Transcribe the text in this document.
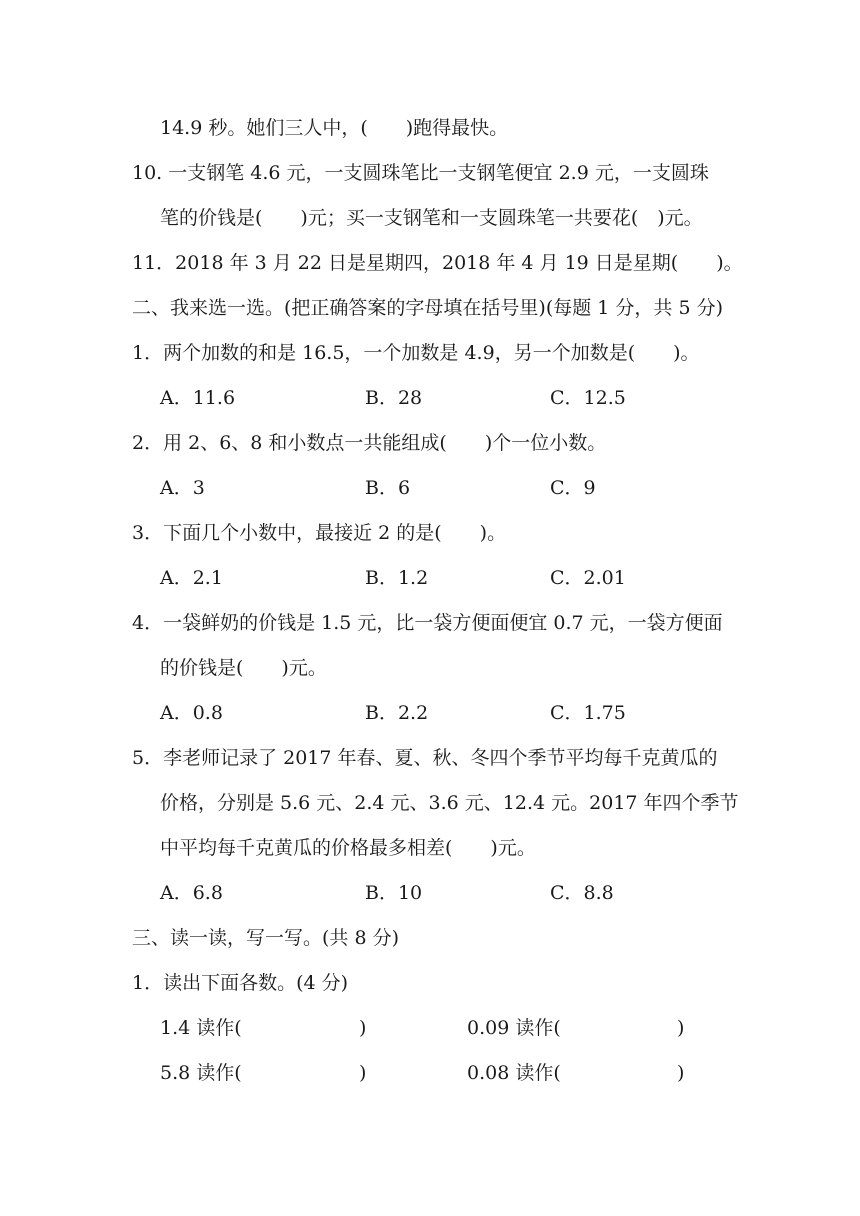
14.9 秒。她们三人中，(　　)跑得最快。
10. 一支钢笔 4.6 元，一支圆珠笔比一支钢笔便宜 2.9 元，一支圆珠
笔的价钱是(　　)元；买一支钢笔和一支圆珠笔一共要花(　)元。
11．2018 年 3 月 22 日是星期四，2018 年 4 月 19 日是星期(　　)。
二、我来选一选。(把正确答案的字母填在括号里)(每题 1 分，共 5 分)
1．两个加数的和是 16.5，一个加数是 4.9，另一个加数是(　　)。
A．11.6	B．28	C．12.5
2．用 2、6、8 和小数点一共能组成(　　)个一位小数。
A．3	B．6	C．9
3．下面几个小数中，最接近 2 的是(　　)。
A．2.1	B．1.2	C．2.01
4．一袋鲜奶的价钱是 1.5 元，比一袋方便面便宜 0.7 元，一袋方便面
的价钱是(　　)元。
A．0.8	B．2.2	C．1.75
5．李老师记录了 2017 年春、夏、秋、冬四个季节平均每千克黄瓜的
价格，分别是 5.6 元、2.4 元、3.6 元、12.4 元。2017 年四个季节
中平均每千克黄瓜的价格最多相差(　　)元。
A．6.8	B．10	C．8.8
三、读一读，写一写。(共 8 分)
1．读出下面各数。(4 分)
1.4 读作(	)	0.09 读作(	)
5.8 读作(	)	0.08 读作(	)
